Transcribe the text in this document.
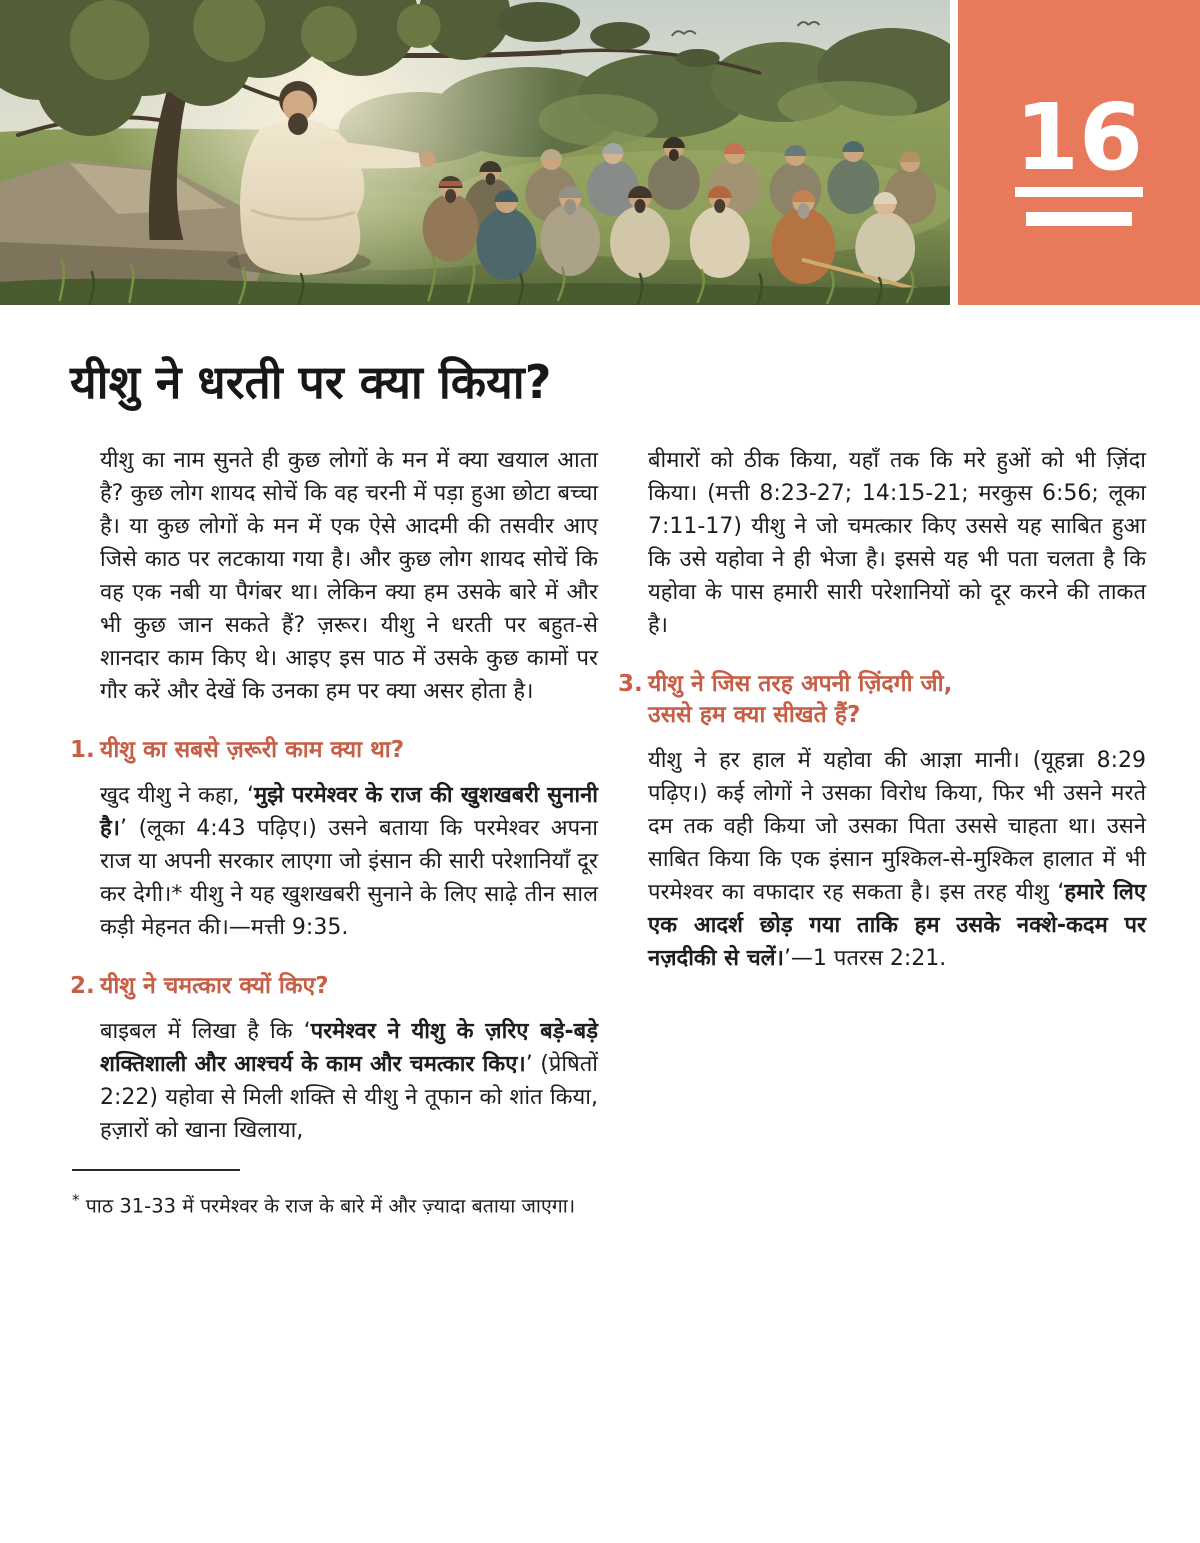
16
यीशु ने धरती पर क्या किया?

यीशु का नाम सुनते ही कुछ लोगों के मन में क्या खयाल आता है? कुछ लोग शायद सोचें कि वह चरनी में पड़ा हुआ छोटा बच्चा है। या कुछ लोगों के मन में एक ऐसे आदमी की तसवीर आए जिसे काठ पर लटकाया गया है। और कुछ लोग शायद सोचें कि वह एक नबी या पैगंबर था। लेकिन क्या हम उसके बारे में और भी कुछ जान सकते हैं? ज़रूर। यीशु ने धरती पर बहुत-से शानदार काम किए थे। आइए इस पाठ में उसके कुछ कामों पर गौर करें और देखें कि उनका हम पर क्या असर होता है।

1. यीशु का सबसे ज़रूरी काम क्या था?

खुद यीशु ने कहा, ‘मुझे परमेश्वर के राज की खुशखबरी सुनानी है।’ (लूका 4:43 पढ़िए।) उसने बताया कि परमेश्वर अपना राज या अपनी सरकार लाएगा जो इंसान की सारी परेशानियाँ दूर कर देगी।* यीशु ने यह खुशखबरी सुनाने के लिए साढ़े तीन साल कड़ी मेहनत की।—मत्ती 9:35.

2. यीशु ने चमत्कार क्यों किए?

बाइबल में लिखा है कि ‘परमेश्वर ने यीशु के ज़रिए बड़े-बड़े शक्तिशाली और आश्चर्य के काम और चमत्कार किए।’ (प्रेषितों 2:22) यहोवा से मिली शक्ति से यीशु ने तूफान को शांत किया, हज़ारों को खाना खिलाया,

* पाठ 31-33 में परमेश्वर के राज के बारे में और ज़्यादा बताया जाएगा।

बीमारों को ठीक किया, यहाँ तक कि मरे हुओं को भी ज़िंदा किया। (मत्ती 8:23-27; 14:15-21; मरकुस 6:56; लूका 7:11-17) यीशु ने जो चमत्कार किए उससे यह साबित हुआ कि उसे यहोवा ने ही भेजा है। इससे यह भी पता चलता है कि यहोवा के पास हमारी सारी परेशानियों को दूर करने की ताकत है।

3. यीशु ने जिस तरह अपनी ज़िंदगी जी,
उससे हम क्या सीखते हैं?

यीशु ने हर हाल में यहोवा की आज्ञा मानी। (यूहन्ना 8:29 पढ़िए।) कई लोगों ने उसका विरोध किया, फिर भी उसने मरते दम तक वही किया जो उसका पिता उससे चाहता था। उसने साबित किया कि एक इंसान मुश्किल-से-मुश्किल हालात में भी परमेश्वर का वफादार रह सकता है। इस तरह यीशु ‘हमारे लिए एक आदर्श छोड़ गया ताकि हम उसके नक्शे-कदम पर नज़दीकी से चलें।’—1 पतरस 2:21.
